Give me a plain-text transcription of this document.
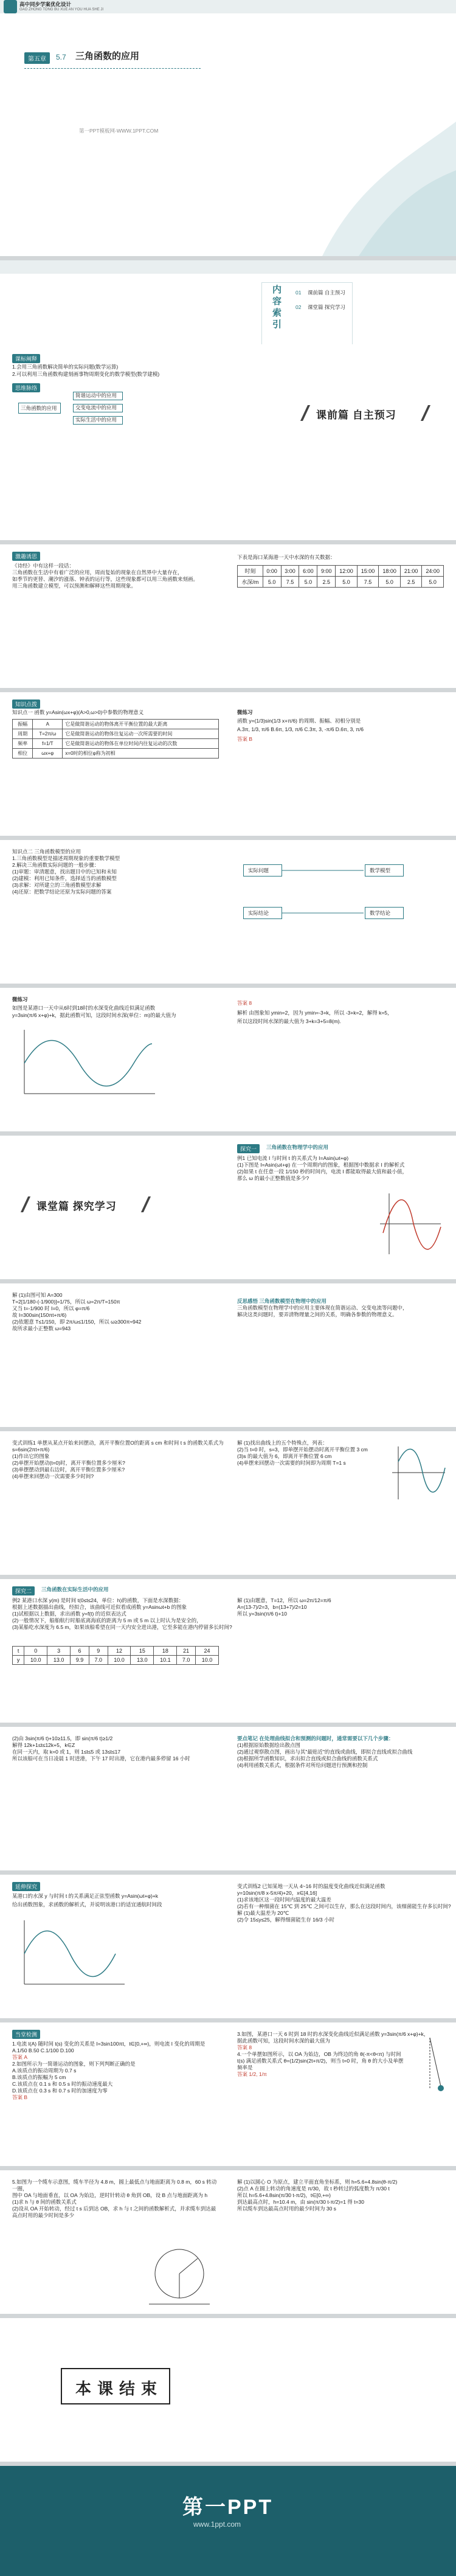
高中同步学案优化设计
GAO ZHONG TONG BU XUE AN YOU HUA SHE JI
第五章	5.7 三角函数的应用
第一PPT模板网-WWW.1PPT.COM
内容索引	01 课前篇 自主预习
02 课堂篇 探究学习
课标阐释
1.会用三角函数解决简单的实际问题(数学运算)
2.可以利用三角函数构建刻画事物周期变化的数学模型(数学建模)
思维脉络
三角函数的应用
简谐运动中的应用
交变电流中的应用
实际生活中的应用	课前篇 自主预习
激趣诱思
《诗经》中有这样一段话：
三角函数在生活中有着广泛的应用，周而复始的现象在自然界中大量存在，
如季节的更替、潮汐的涨落、钟表的运行等，这些现象都可以用三角函数来刻画。
用三角函数建立模型，可以预测和解释这些周期现象。
下表是海口某海港一天中水深的有关数据：
时刻	0:00	3:00	6:00	9:00	12:00	15:00	18:00	21:00	24:00
水深/m	5.0	7.5	5.0	2.5	5.0	7.5	5.0	2.5	5.0
知识点拨
知识点一 函数 y=Asin(ωx+φ)(A>0,ω>0)中参数的物理意义
振幅	A	它是做简谐运动的物体离开平衡位置的最大距离
周期	T=2π/ω	它是做简谐运动的物体往复运动一次所需要的时间
频率	f=1/T	它是做简谐运动的物体在单位时间内往复运动的次数
相位	ωx+φ	x=0时的相位φ称为初相
微练习
函数 y=(1/3)sin(1/3 x+π/6) 的周期、振幅、初相分别是
A.3π, 1/3, π/6 B.6π, 1/3, π/6 C.3π, 3, -π/6 D.6π, 3, π/6
答案 B
知识点二 三角函数模型的应用
1.三角函数模型是描述周期现象的重要数学模型
2.解决三角函数实际问题的一般步骤：
(1)审题：审清题意，找出题目中的已知和未知
(2)建模：利用已知条件，选择适当的函数模型
(3)求解：对所建立的三角函数模型求解
(4)还原：把数学结论还原为实际问题的答案
实际问题	数学模型
数学结论
实际结论
微练习
如图是某港口一天中从6时到18时的水深变化曲线近似满足函数
y=3sin(π/6 x+φ)+k，据此函数可知，这段时间水深(单位：m)的最大值为
答案 8
解析 由图象知 ymin=2，因为 ymin=-3+k，所以 -3+k=2，解得 k=5，
所以这段时间水深的最大值为 3+k=3+5=8(m).
课堂篇 探究学习
探究一	三角函数在物理学中的应用
例1 已知电流 I 与时间 t 的关系式为 I=Asin(ωt+φ)
(1)下图是 I=Asin(ωt+φ) 在一个周期内的图象，根据图中数据求 I 的解析式
(2)如果 t 在任意一段 1/150 秒的时间内，电流 I 都能取得最大值和最小值，
那么 ω 的最小正整数值是多少?
解 (1)由图可知 A=300
T=2[1/180-(-1/900)]=1/75，所以 ω=2π/T=150π
又当 t=-1/900 时 I=0，所以 φ=π/6
故 I=300sin(150πt+π/6)
(2)依题意 T≤1/150，即 2π/ω≤1/150，所以 ω≥300π≈942
故所求最小正整数 ω=943
反思感悟 三角函数模型在物理中的应用
三角函数模型在物理学中的应用主要体现在简谐运动、交变电流等问题中，
解决这类问题时，要弄清物理量之间的关系，明确各参数的物理意义。
变式训练1 单摆从某点开始来回摆动，离开平衡位置O的距离 s cm 和时间 t s 的函数关系式为
s=6sin(2πt+π/6)
(1)作出它的图象
(2)单摆开始摆动(t=0)时，离开平衡位置多少厘米?
(3)单摆摆动到最右边时，离开平衡位置多少厘米?
(4)单摆来回摆动一次需要多少时间?
解 (1)找出曲线上的五个特殊点，列表：
(2)当 t=0 时，s=3，即单摆开始摆动时离开平衡位置 3 cm
(3)s 的最大值为 6，即离开平衡位置 6 cm
(4)单摆来回摆动一次需要的时间即为周期 T=1 s
探究二	三角函数在实际生活中的应用
例2 某港口水深 y(m) 是时间 t(0≤t≤24，单位：h)的函数，下面是水深数据：
根据上述数据描出曲线，经拟合，该曲线可近似看成函数 y=Asinωt+b 的图象
(1)试根据以上数据，求出函数 y=f(t) 的近似表达式
(2)一般情况下，船舶航行时船底离海底的距离为 5 m 或 5 m 以上时认为是安全的，
(3)某船吃水深度为 6.5 m，如果该船希望在同一天内安全进出港，它至多能在港内停留多长时间?
t	0	3	6	9	12	15	18	21	24
y	10.0	13.0	9.9	7.0	10.0	13.0	10.1	7.0	10.0
解 (1)由题意，T=12，所以 ω=2π/12=π/6
A=(13-7)/2=3，b=(13+7)/2=10
所以 y=3sin(π/6 t)+10
(2)由 3sin(π/6 t)+10≥11.5，即 sin(π/6 t)≥1/2
解得 12k+1≤t≤12k+5，k∈Z
在同一天内，取 k=0 或 1，则 1≤t≤5 或 13≤t≤17
所以该船可在当日凌晨 1 时进港，下午 17 时出港，它在港内最多停留 16 小时
要点笔记 在处理曲线拟合和预测的问题时，通常需要以下几个步骤：
(1)根据原始数据绘出散点图
(2)通过观察散点图，画出与其"最贴近"的直线或曲线，即拟合直线或拟合曲线
(3)根据所学函数知识，求出拟合直线或拟合曲线的函数关系式
(4)利用函数关系式，根据条件对所给问题进行预测和控制
延伸探究
某港口的水深 y 与时间 t 的关系满足正弦型函数 y=Asin(ωt+φ)+k
给出函数图象，求函数的解析式，并说明该港口的适宜通航时间段
变式训练2 已知某地一天从 4~16 时的温度变化曲线近似满足函数
y=10sin(π/8 x-5π/4)+20，x∈[4,16]
(1)求该地区这一段时间内温度的最大温差
(2)若有一种细菌在 15℃ 到 25℃ 之间可以生存，那么在这段时间内，该细菌能生存多长时间?
解 (1)最大温差为 20℃
(2)令 15≤y≤25，解得细菌能生存 16/3 小时
当堂检测
1.电流 I(A) 随时间 t(s) 变化的关系是 I=3sin100πt，t∈[0,+∞)，则电流 I 变化的周期是
A.1/50 B.50 C.1/100 D.100
答案 A
2.如图所示为一简谐运动的图象，则下列判断正确的是
A.该质点的振动周期为 0.7 s
B.该质点的振幅为 5 cm
C.该质点在 0.1 s 和 0.5 s 时的振动速度最大
D.该质点在 0.3 s 和 0.7 s 时的加速度为零
答案 B
3.如图，某港口一天 6 时到 18 时的水深变化曲线近似满足函数 y=3sin(π/6 x+φ)+k，
据此函数可知，这段时间水深的最大值为
答案 8
4.一个单摆如图所示，以 OA 为始边，OB 为终边的角 θ(-π<θ<π) 与时间 t(s) 满足函数关系式 θ=(1/2)sin(2t+π/2)，则当 t=0 时，角 θ 的大小及单摆频率是
答案 1/2, 1/π
5.如图为一个缆车示意图，缆车半径为 4.8 m，圆上最低点与地面距离为 0.8 m，60 s 转动一圈，
图中 OA 与地面垂直，以 OA 为始边，逆时针转动 θ 角到 OB，设 B 点与地面距离为 h
(1)求 h 与 θ 间的函数关系式
(2)设从 OA 开始转动，经过 t s 后到达 OB，求 h 与 t 之间的函数解析式，并求缆车到达最高点时用的最少时间是多少
解 (1)以圆心 O 为原点，建立平面直角坐标系，则 h=5.6+4.8sin(θ-π/2)
(2)点 A 在圆上转动的角速度是 π/30，故 t 秒转过的弧度数为 π/30 t
所以 h=5.6+4.8sin(π/30 t-π/2)，t∈[0,+∞)
到达最高点时，h=10.4 m，由 sin(π/30 t-π/2)=1 得 t=30
所以缆车到达最高点时用的最少时间为 30 s
本课结束
第一PPT
www.1ppt.com
